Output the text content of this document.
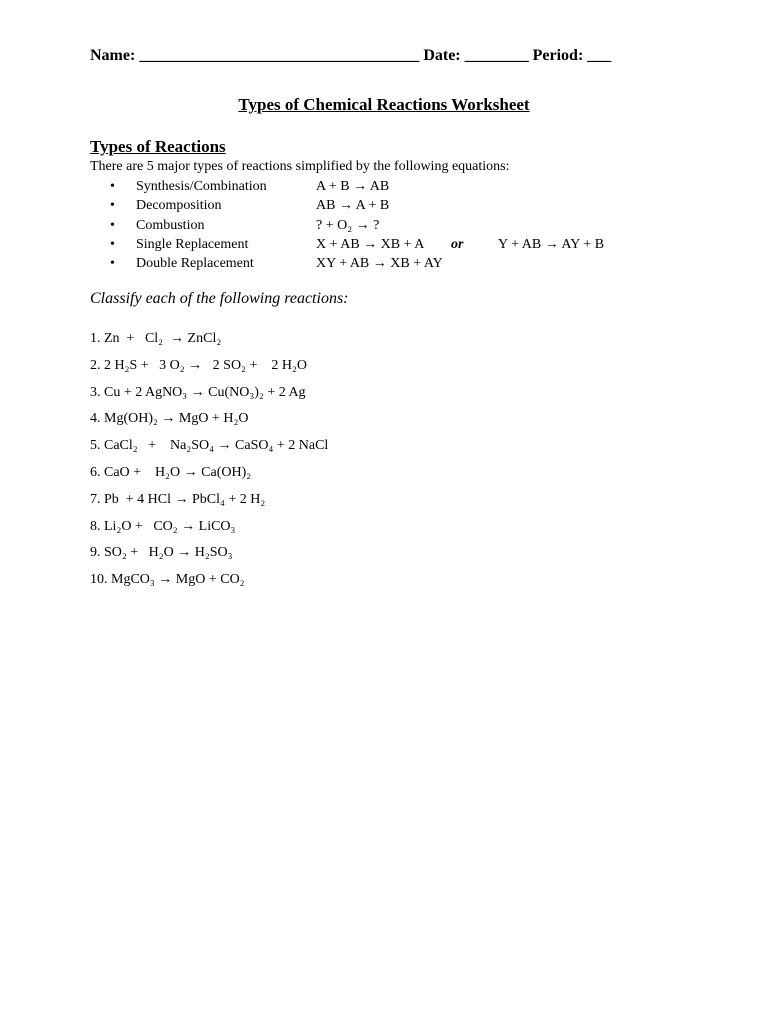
Name: ___________________________________ Date: ________ Period: ___
Types of Chemical Reactions Worksheet
Types of Reactions
There are 5 major types of reactions simplified by the following equations:
• Synthesis/Combination	A + B → AB
• Decomposition	AB → A + B
• Combustion	? + O₂ → ?
• Single Replacement	X + AB → XB + A or Y + AB → AY + B
• Double Replacement	XY + AB → XB + AY
Classify each of the following reactions:
1. Zn  +   Cl₂  → ZnCl₂
2. 2 H₂S +   3 O₂ →   2 SO₂ +    2 H₂O
3. Cu + 2 AgNO₃ → Cu(NO₃)₂ + 2 Ag
4. Mg(OH)₂ → MgO + H₂O
5. CaCl₂   +    Na₂SO₄ → CaSO₄ + 2 NaCl
6. CaO +    H₂O → Ca(OH)₂
7. Pb  + 4 HCl → PbCl₄ + 2 H₂
8. Li₂O +   CO₂ → LiCO₃
9. SO₂ +   H₂O → H₂SO₃
10. MgCO₃ → MgO + CO₂
